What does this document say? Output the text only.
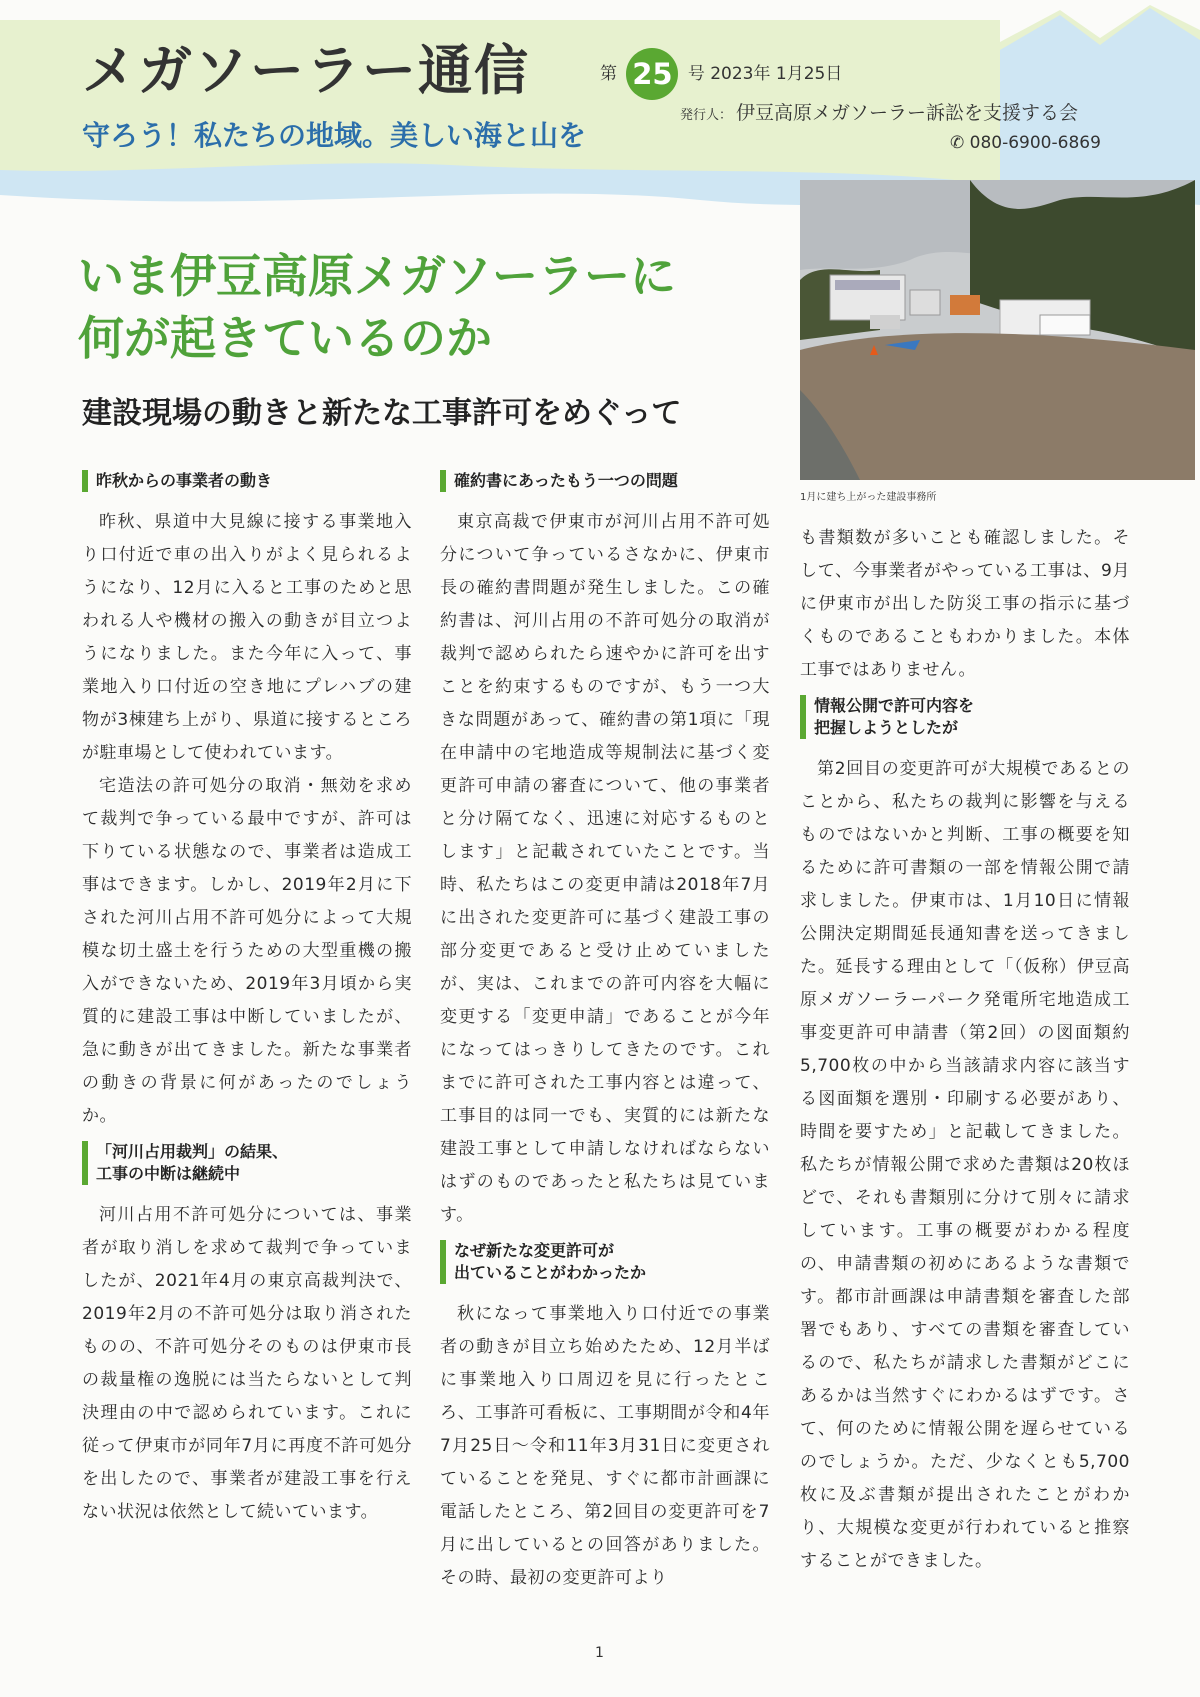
メガソーラー通信	第 25 号 2023年 1月25日
守ろう！私たちの地域。美しい海と山を
発行人： 伊豆高原メガソーラー訴訟を支援する会
✆ 080-6900-6869
1月に建ち上がった建設事務所
いま伊豆高原メガソーラーに
何が起きているのか
建設現場の動きと新たな工事許可をめぐって
昨秋からの事業者の動き

昨秋、県道中大見線に接する事業地入り口付近で車の出入りがよく見られるようになり、12月に入ると工事のためと思われる人や機材の搬入の動きが目立つようになりました。また今年に入って、事業地入り口付近の空き地にプレハブの建物が3棟建ち上がり、県道に接するところが駐車場として使われています。

宅造法の許可処分の取消・無効を求めて裁判で争っている最中ですが、許可は下りている状態なので、事業者は造成工事はできます。しかし、2019年2月に下された河川占用不許可処分によって大規模な切土盛土を行うための大型重機の搬入ができないため、2019年3月頃から実質的に建設工事は中断していましたが、急に動きが出てきました。新たな事業者の動きの背景に何があったのでしょうか。

「河川占用裁判」の結果、
工事の中断は継続中

河川占用不許可処分については、事業者が取り消しを求めて裁判で争っていましたが、2021年4月の東京高裁判決で、2019年2月の不許可処分は取り消されたものの、不許可処分そのものは伊東市長の裁量権の逸脱には当たらないとして判決理由の中で認められています。これに従って伊東市が同年7月に再度不許可処分を出したので、事業者が建設工事を行えない状況は依然として続いています。

確約書にあったもう一つの問題

東京高裁で伊東市が河川占用不許可処分について争っているさなかに、伊東市長の確約書問題が発生しました。この確約書は、河川占用の不許可処分の取消が裁判で認められたら速やかに許可を出すことを約束するものですが、もう一つ大きな問題があって、確約書の第1項に「現在申請中の宅地造成等規制法に基づく変更許可申請の審査について、他の事業者と分け隔てなく、迅速に対応するものとします」と記載されていたことです。当時、私たちはこの変更申請は2018年7月に出された変更許可に基づく建設工事の部分変更であると受け止めていましたが、実は、これまでの許可内容を大幅に変更する「変更申請」であることが今年になってはっきりしてきたのです。これまでに許可された工事内容とは違って、工事目的は同一でも、実質的には新たな建設工事として申請しなければならないはずのものであったと私たちは見ています。

なぜ新たな変更許可が
出ていることがわかったか

秋になって事業地入り口付近での事業者の動きが目立ち始めたため、12月半ばに事業地入り口周辺を見に行ったところ、工事許可看板に、工事期間が令和4年7月25日～令和11年3月31日に変更されていることを発見、すぐに都市計画課に電話したところ、第2回目の変更許可を7月に出しているとの回答がありました。その時、最初の変更許可より

も書類数が多いことも確認しました。そして、今事業者がやっている工事は、9月に伊東市が出した防災工事の指示に基づくものであることもわかりました。本体工事ではありません。

情報公開で許可内容を
把握しようとしたが

第2回目の変更許可が大規模であるとのことから、私たちの裁判に影響を与えるものではないかと判断、工事の概要を知るために許可書類の一部を情報公開で請求しました。伊東市は、1月10日に情報公開決定期間延長通知書を送ってきました。延長する理由として「（仮称）伊豆高原メガソーラーパーク発電所宅地造成工事変更許可申請書（第2回）の図面類約5,700枚の中から当該請求内容に該当する図面類を選別・印刷する必要があり、時間を要すため」と記載してきました。私たちが情報公開で求めた書類は20枚ほどで、それも書類別に分けて別々に請求しています。工事の概要がわかる程度の、申請書類の初めにあるような書類です。都市計画課は申請書類を審査した部署でもあり、すべての書類を審査しているので、私たちが請求した書類がどこにあるかは当然すぐにわかるはずです。さて、何のために情報公開を遅らせているのでしょうか。ただ、少なくとも5,700枚に及ぶ書類が提出されたことがわかり、大規模な変更が行われていると推察することができました。

1
